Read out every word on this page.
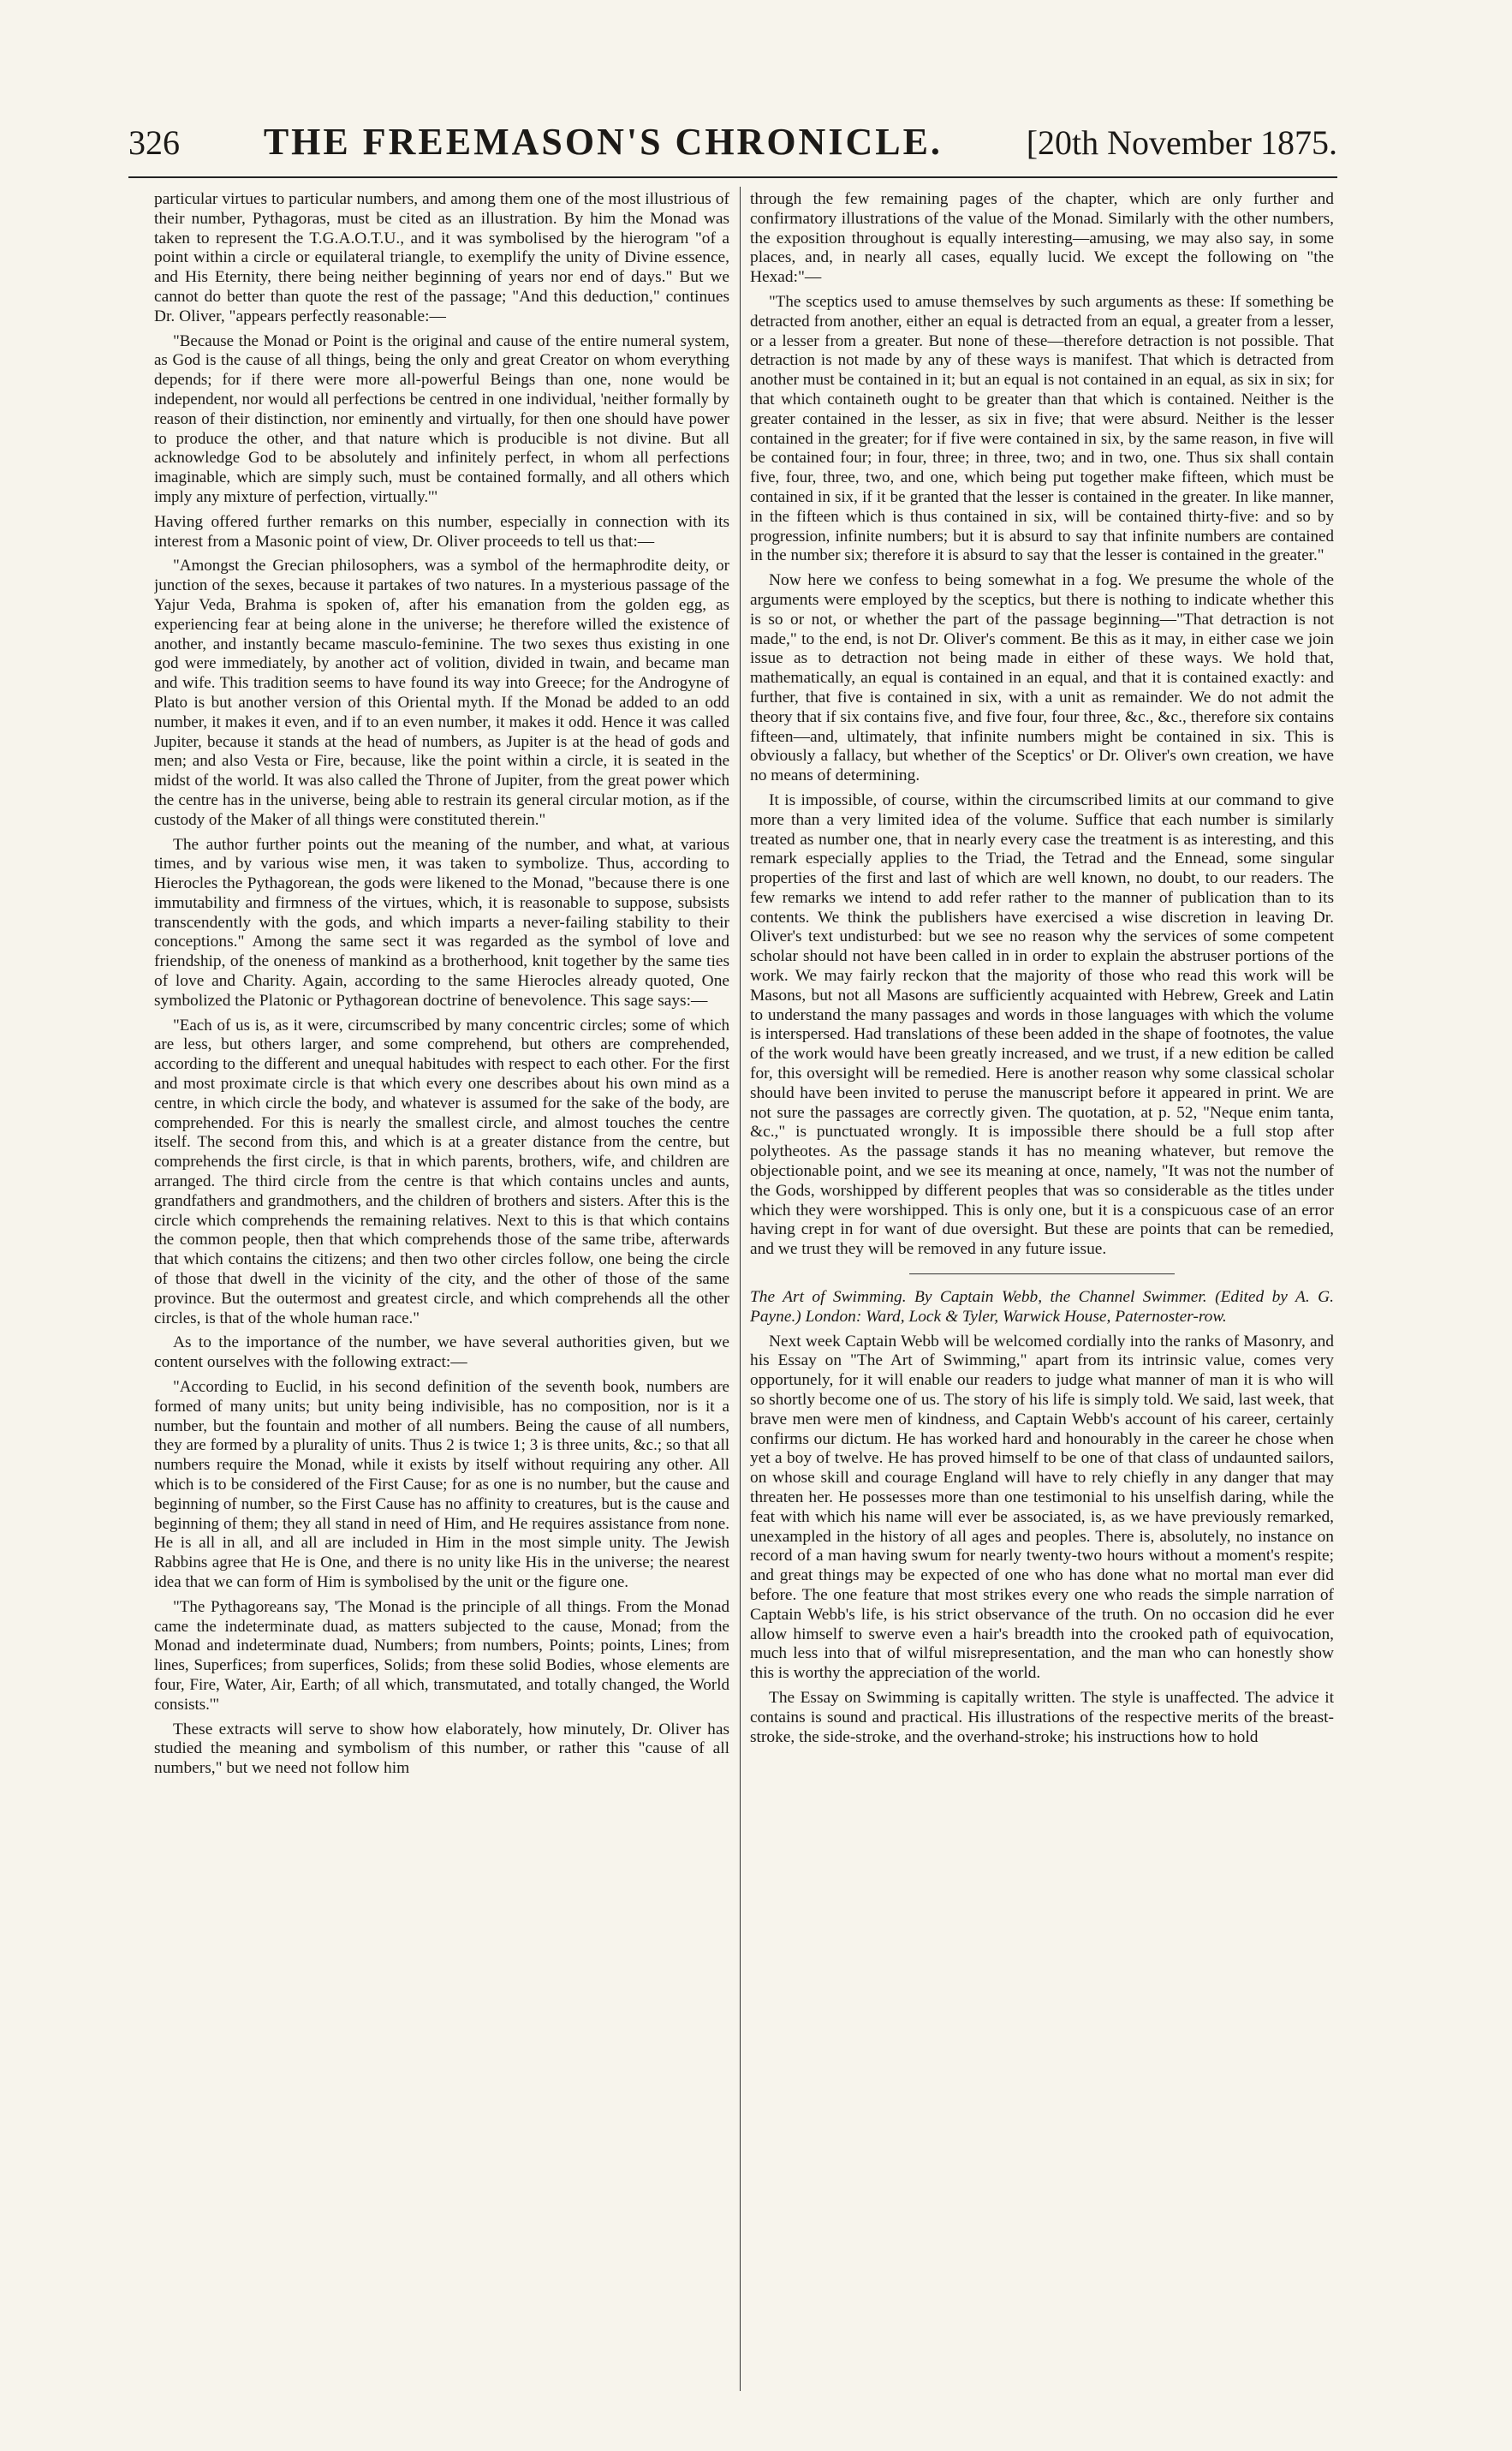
326 THE FREEMASON'S CHRONICLE. [20th November 1875.

particular virtues to particular numbers, and among them one of the most illustrious of their number, Pythagoras, must be cited as an illustration. By him the Monad was taken to represent the T.G.A.O.T.U., and it was symbolised by the hierogram "of a point within a circle or equilateral triangle, to exemplify the unity of Divine essence, and His Eternity, there being neither beginning of years nor end of days." But we cannot do better than quote the rest of the passage; "And this deduction," continues Dr. Oliver, "appears perfectly reasonable:—

"Because the Monad or Point is the original and cause of the entire numeral system, as God is the cause of all things, being the only and great Creator on whom everything depends; for if there were more all-powerful Beings than one, none would be independent, nor would all perfections be centred in one individual, 'neither formally by reason of their distinction, nor eminently and virtually, for then one should have power to produce the other, and that nature which is producible is not divine. But all acknowledge God to be absolutely and infinitely perfect, in whom all perfections imaginable, which are simply such, must be contained formally, and all others which imply any mixture of perfection, virtually.'"

Having offered further remarks on this number, especially in connection with its interest from a Masonic point of view, Dr. Oliver proceeds to tell us that:—

"Amongst the Grecian philosophers, was a symbol of the hermaphrodite deity, or junction of the sexes, because it partakes of two natures. In a mysterious passage of the Yajur Veda, Brahma is spoken of, after his emanation from the golden egg, as experiencing fear at being alone in the universe; he therefore willed the existence of another, and instantly became masculo-feminine. The two sexes thus existing in one god were immediately, by another act of volition, divided in twain, and became man and wife. This tradition seems to have found its way into Greece; for the Androgyne of Plato is but another version of this Oriental myth. If the Monad be added to an odd number, it makes it even, and if to an even number, it makes it odd. Hence it was called Jupiter, because it stands at the head of numbers, as Jupiter is at the head of gods and men; and also Vesta or Fire, because, like the point within a circle, it is seated in the midst of the world. It was also called the Throne of Jupiter, from the great power which the centre has in the universe, being able to restrain its general circular motion, as if the custody of the Maker of all things were constituted therein."

The author further points out the meaning of the number, and what, at various times, and by various wise men, it was taken to symbolize. Thus, according to Hierocles the Pythagorean, the gods were likened to the Monad, "because there is one immutability and firmness of the virtues, which, it is reasonable to suppose, subsists transcendently with the gods, and which imparts a never-failing stability to their conceptions." Among the same sect it was regarded as the symbol of love and friendship, of the oneness of mankind as a brotherhood, knit together by the same ties of love and Charity. Again, according to the same Hierocles already quoted, One symbolized the Platonic or Pythagorean doctrine of benevolence. This sage says:—

"Each of us is, as it were, circumscribed by many concentric circles; some of which are less, but others larger, and some comprehend, but others are comprehended, according to the different and unequal habitudes with respect to each other. For the first and most proximate circle is that which every one describes about his own mind as a centre, in which circle the body, and whatever is assumed for the sake of the body, are comprehended. For this is nearly the smallest circle, and almost touches the centre itself. The second from this, and which is at a greater distance from the centre, but comprehends the first circle, is that in which parents, brothers, wife, and children are arranged. The third circle from the centre is that which contains uncles and aunts, grandfathers and grandmothers, and the children of brothers and sisters. After this is the circle which comprehends the remaining relatives. Next to this is that which contains the common people, then that which comprehends those of the same tribe, afterwards that which contains the citizens; and then two other circles follow, one being the circle of those that dwell in the vicinity of the city, and the other of those of the same province. But the outermost and greatest circle, and which comprehends all the other circles, is that of the whole human race."

As to the importance of the number, we have several authorities given, but we content ourselves with the following extract:—

"According to Euclid, in his second definition of the seventh book, numbers are formed of many units; but unity being indivisible, has no composition, nor is it a number, but the fountain and mother of all numbers. Being the cause of all numbers, they are formed by a plurality of units. Thus 2 is twice 1; 3 is three units, &c.; so that all numbers require the Monad, while it exists by itself without requiring any other. All which is to be considered of the First Cause; for as one is no number, but the cause and beginning of number, so the First Cause has no affinity to creatures, but is the cause and beginning of them; they all stand in need of Him, and He requires assistance from none. He is all in all, and all are included in Him in the most simple unity. The Jewish Rabbins agree that He is One, and there is no unity like His in the universe; the nearest idea that we can form of Him is symbolised by the unit or the figure one.

"The Pythagoreans say, 'The Monad is the principle of all things. From the Monad came the indeterminate duad, as matters subjected to the cause, Monad; from the Monad and indeterminate duad, Numbers; from numbers, Points; points, Lines; from lines, Superfices; from superfices, Solids; from these solid Bodies, whose elements are four, Fire, Water, Air, Earth; of all which, transmutated, and totally changed, the World consists.'"

These extracts will serve to show how elaborately, how minutely, Dr. Oliver has studied the meaning and symbolism of this number, or rather this "cause of all numbers," but we need not follow him

through the few remaining pages of the chapter, which are only further and confirmatory illustrations of the value of the Monad. Similarly with the other numbers, the exposition throughout is equally interesting—amusing, we may also say, in some places, and, in nearly all cases, equally lucid. We except the following on "the Hexad:"—

"The sceptics used to amuse themselves by such arguments as these: If something be detracted from another, either an equal is detracted from an equal, a greater from a lesser, or a lesser from a greater. But none of these—therefore detraction is not possible. That detraction is not made by any of these ways is manifest. That which is detracted from another must be contained in it; but an equal is not contained in an equal, as six in six; for that which containeth ought to be greater than that which is contained. Neither is the greater contained in the lesser, as six in five; that were absurd. Neither is the lesser contained in the greater; for if five were contained in six, by the same reason, in five will be contained four; in four, three; in three, two; and in two, one. Thus six shall contain five, four, three, two, and one, which being put together make fifteen, which must be contained in six, if it be granted that the lesser is contained in the greater. In like manner, in the fifteen which is thus contained in six, will be contained thirty-five: and so by progression, infinite numbers; but it is absurd to say that infinite numbers are contained in the number six; therefore it is absurd to say that the lesser is contained in the greater."

Now here we confess to being somewhat in a fog. We presume the whole of the arguments were employed by the sceptics, but there is nothing to indicate whether this is so or not, or whether the part of the passage beginning—"That detraction is not made," to the end, is not Dr. Oliver's comment. Be this as it may, in either case we join issue as to detraction not being made in either of these ways. We hold that, mathematically, an equal is contained in an equal, and that it is contained exactly: and further, that five is contained in six, with a unit as remainder. We do not admit the theory that if six contains five, and five four, four three, &c., &c., therefore six contains fifteen—and, ultimately, that infinite numbers might be contained in six. This is obviously a fallacy, but whether of the Sceptics' or Dr. Oliver's own creation, we have no means of determining.

It is impossible, of course, within the circumscribed limits at our command to give more than a very limited idea of the volume. Suffice that each number is similarly treated as number one, that in nearly every case the treatment is as interesting, and this remark especially applies to the Triad, the Tetrad and the Ennead, some singular properties of the first and last of which are well known, no doubt, to our readers. The few remarks we intend to add refer rather to the manner of publication than to its contents. We think the publishers have exercised a wise discretion in leaving Dr. Oliver's text undisturbed: but we see no reason why the services of some competent scholar should not have been called in in order to explain the abstruser portions of the work. We may fairly reckon that the majority of those who read this work will be Masons, but not all Masons are sufficiently acquainted with Hebrew, Greek and Latin to understand the many passages and words in those languages with which the volume is interspersed. Had translations of these been added in the shape of footnotes, the value of the work would have been greatly increased, and we trust, if a new edition be called for, this oversight will be remedied. Here is another reason why some classical scholar should have been invited to peruse the manuscript before it appeared in print. We are not sure the passages are correctly given. The quotation, at p. 52, "Neque enim tanta, &c.," is punctuated wrongly. It is impossible there should be a full stop after polytheotes. As the passage stands it has no meaning whatever, but remove the objectionable point, and we see its meaning at once, namely, "It was not the number of the Gods, worshipped by different peoples that was so considerable as the titles under which they were worshipped. This is only one, but it is a conspicuous case of an error having crept in for want of due oversight. But these are points that can be remedied, and we trust they will be removed in any future issue.

The Art of Swimming. By Captain Webb, the Channel Swimmer. (Edited by A. G. Payne.) London: Ward, Lock & Tyler, Warwick House, Paternoster-row.

Next week Captain Webb will be welcomed cordially into the ranks of Masonry, and his Essay on "The Art of Swimming," apart from its intrinsic value, comes very opportunely, for it will enable our readers to judge what manner of man it is who will so shortly become one of us. The story of his life is simply told. We said, last week, that brave men were men of kindness, and Captain Webb's account of his career, certainly confirms our dictum. He has worked hard and honourably in the career he chose when yet a boy of twelve. He has proved himself to be one of that class of undaunted sailors, on whose skill and courage England will have to rely chiefly in any danger that may threaten her. He possesses more than one testimonial to his unselfish daring, while the feat with which his name will ever be associated, is, as we have previously remarked, unexampled in the history of all ages and peoples. There is, absolutely, no instance on record of a man having swum for nearly twenty-two hours without a moment's respite; and great things may be expected of one who has done what no mortal man ever did before. The one feature that most strikes every one who reads the simple narration of Captain Webb's life, is his strict observance of the truth. On no occasion did he ever allow himself to swerve even a hair's breadth into the crooked path of equivocation, much less into that of wilful misrepresentation, and the man who can honestly show this is worthy the appreciation of the world.

The Essay on Swimming is capitally written. The style is unaffected. The advice it contains is sound and practical. His illustrations of the respective merits of the breast-stroke, the side-stroke, and the overhand-stroke; his instructions how to hold
